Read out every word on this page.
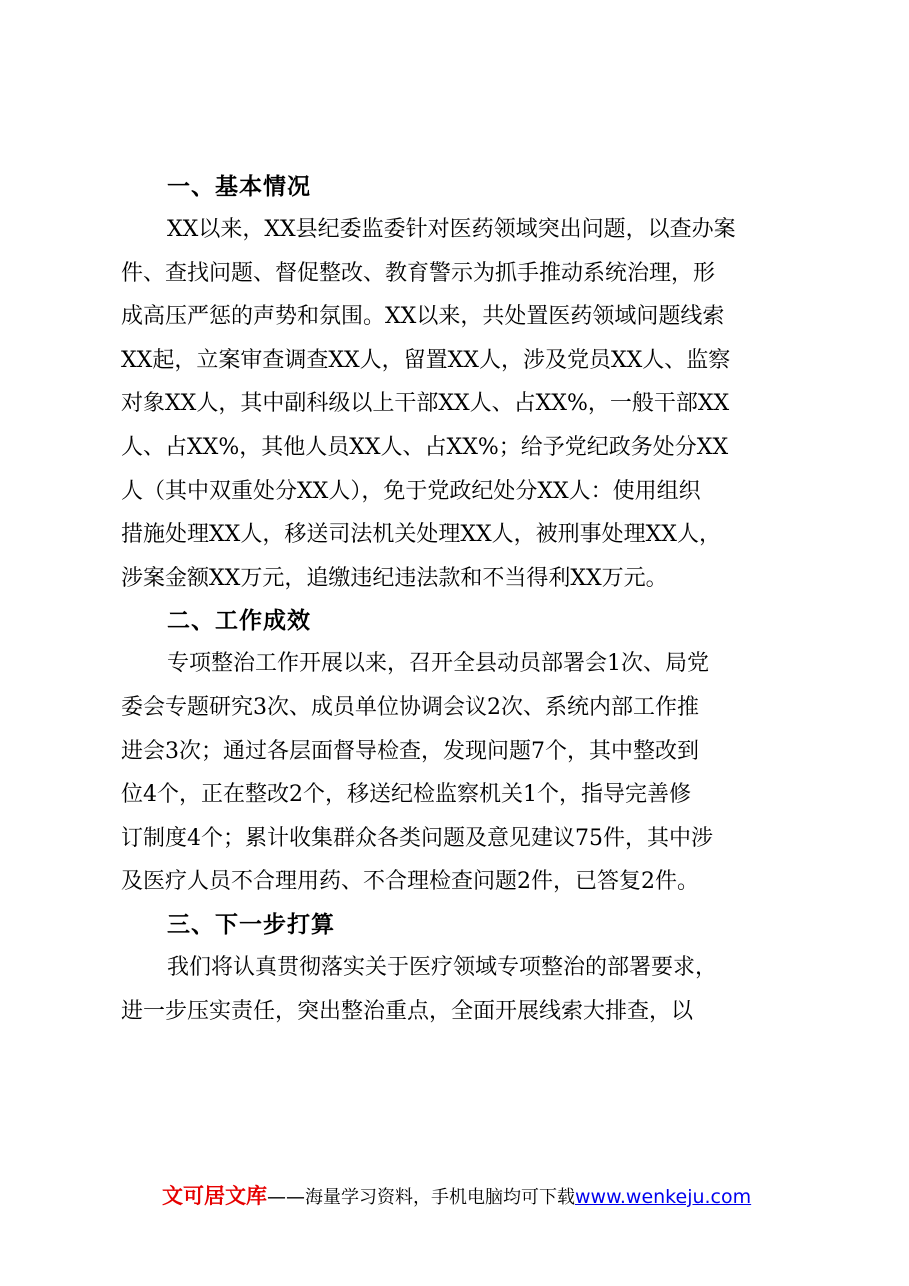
一、基本情况
XX以来，XX县纪委监委针对医药领域突出问题，以查办案
件、查找问题、督促整改、教育警示为抓手推动系统治理，形
成高压严惩的声势和氛围。XX以来，共处置医药领域问题线索
XX起，立案审查调查XX人，留置XX人，涉及党员XX人、监察
对象XX人，其中副科级以上干部XX人、占XX%，一般干部XX
人、占XX%，其他人员XX人、占XX%；给予党纪政务处分XX
人（其中双重处分XX人），免于党政纪处分XX人：使用组织
措施处理XX人，移送司法机关处理XX人，被刑事处理XX人，
涉案金额XX万元，追缴违纪违法款和不当得利XX万元。
二、工作成效
专项整治工作开展以来，召开全县动员部署会1次、局党
委会专题研究3次、成员单位协调会议2次、系统内部工作推
进会3次；通过各层面督导检查，发现问题7个，其中整改到
位4个，正在整改2个，移送纪检监察机关1个，指导完善修
订制度4个；累计收集群众各类问题及意见建议75件，其中涉
及医疗人员不合理用药、不合理检查问题2件，已答复2件。
三、下一步打算
我们将认真贯彻落实关于医疗领域专项整治的部署要求，
进一步压实责任，突出整治重点，全面开展线索大排查，以
文可居文库——海量学习资料，手机电脑均可下载www.wenkeju.com
